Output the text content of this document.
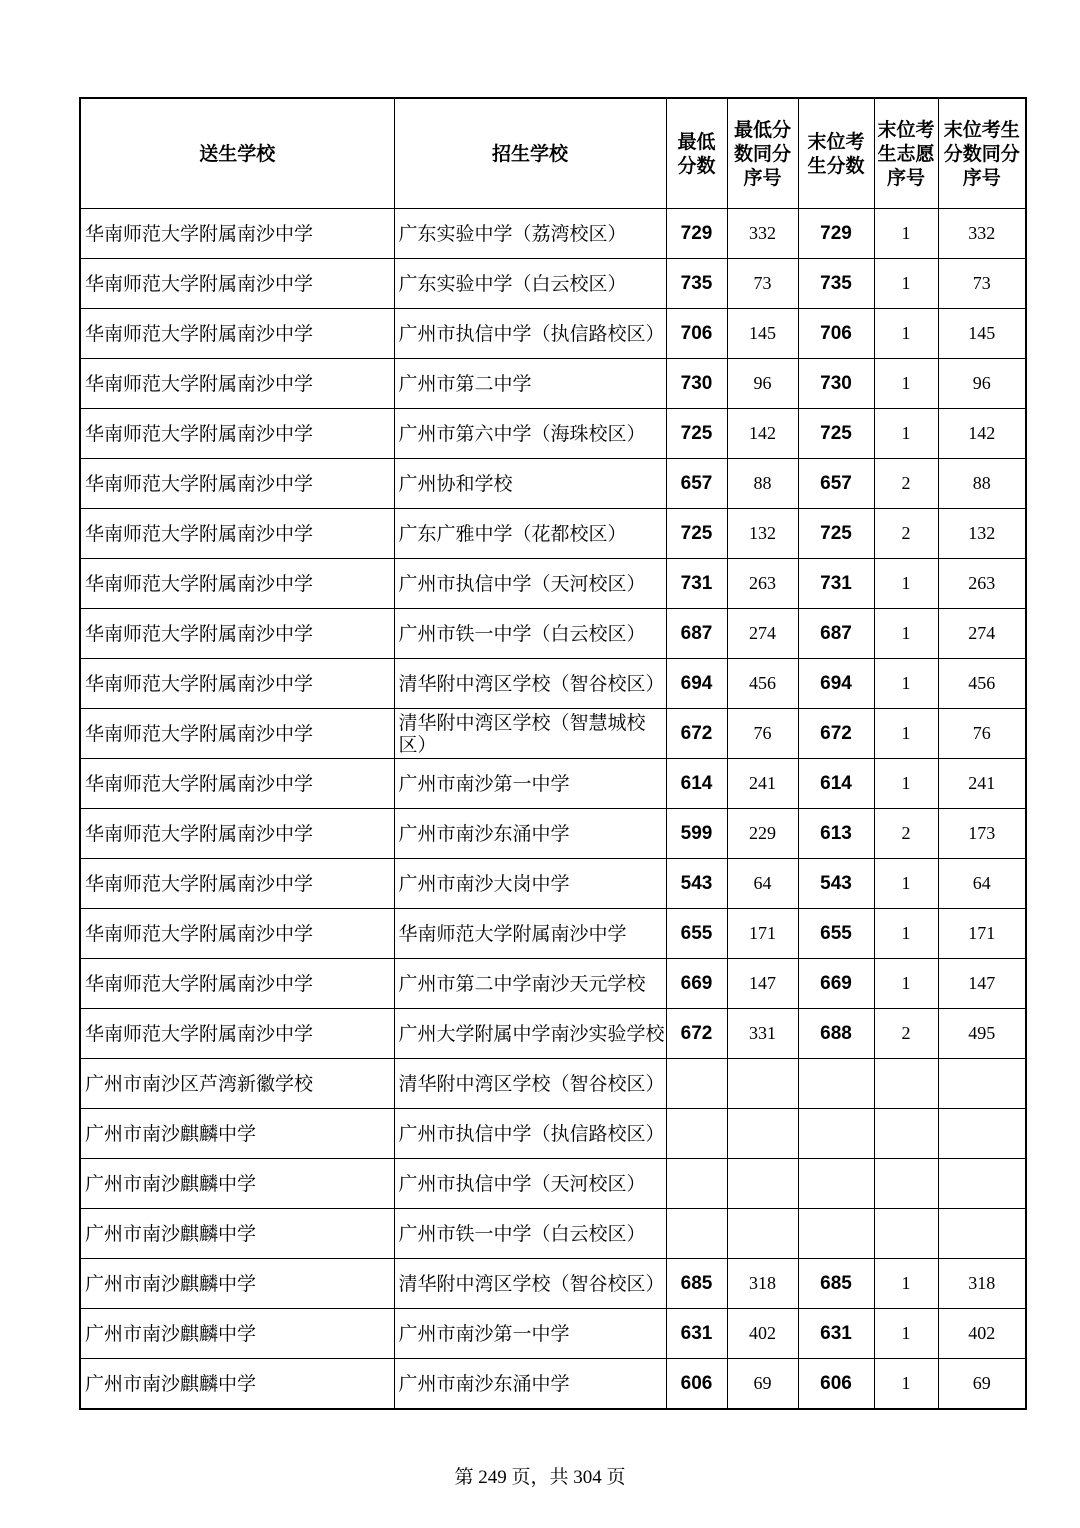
送生学校	招生学校	最低分数	最低分数同分序号	末位考生分数	末位考生志愿序号	末位考生分数同分序号
华南师范大学附属南沙中学	广东实验中学（荔湾校区）	729	332	729	1	332
华南师范大学附属南沙中学	广东实验中学（白云校区）	735	73	735	1	73
华南师范大学附属南沙中学	广州市执信中学（执信路校区）	706	145	706	1	145
华南师范大学附属南沙中学	广州市第二中学	730	96	730	1	96
华南师范大学附属南沙中学	广州市第六中学（海珠校区）	725	142	725	1	142
华南师范大学附属南沙中学	广州协和学校	657	88	657	2	88
华南师范大学附属南沙中学	广东广雅中学（花都校区）	725	132	725	2	132
华南师范大学附属南沙中学	广州市执信中学（天河校区）	731	263	731	1	263
华南师范大学附属南沙中学	广州市铁一中学（白云校区）	687	274	687	1	274
华南师范大学附属南沙中学	清华附中湾区学校（智谷校区）	694	456	694	1	456
华南师范大学附属南沙中学	清华附中湾区学校（智慧城校区）	672	76	672	1	76
华南师范大学附属南沙中学	广州市南沙第一中学	614	241	614	1	241
华南师范大学附属南沙中学	广州市南沙东涌中学	599	229	613	2	173
华南师范大学附属南沙中学	广州市南沙大岗中学	543	64	543	1	64
华南师范大学附属南沙中学	华南师范大学附属南沙中学	655	171	655	1	171
华南师范大学附属南沙中学	广州市第二中学南沙天元学校	669	147	669	1	147
华南师范大学附属南沙中学	广州大学附属中学南沙实验学校	672	331	688	2	495
广州市南沙区芦湾新徽学校	清华附中湾区学校（智谷校区）					
广州市南沙麒麟中学	广州市执信中学（执信路校区）					
广州市南沙麒麟中学	广州市执信中学（天河校区）					
广州市南沙麒麟中学	广州市铁一中学（白云校区）					
广州市南沙麒麟中学	清华附中湾区学校（智谷校区）	685	318	685	1	318
广州市南沙麒麟中学	广州市南沙第一中学	631	402	631	1	402
广州市南沙麒麟中学	广州市南沙东涌中学	606	69	606	1	69
第 249 页，共 304 页
